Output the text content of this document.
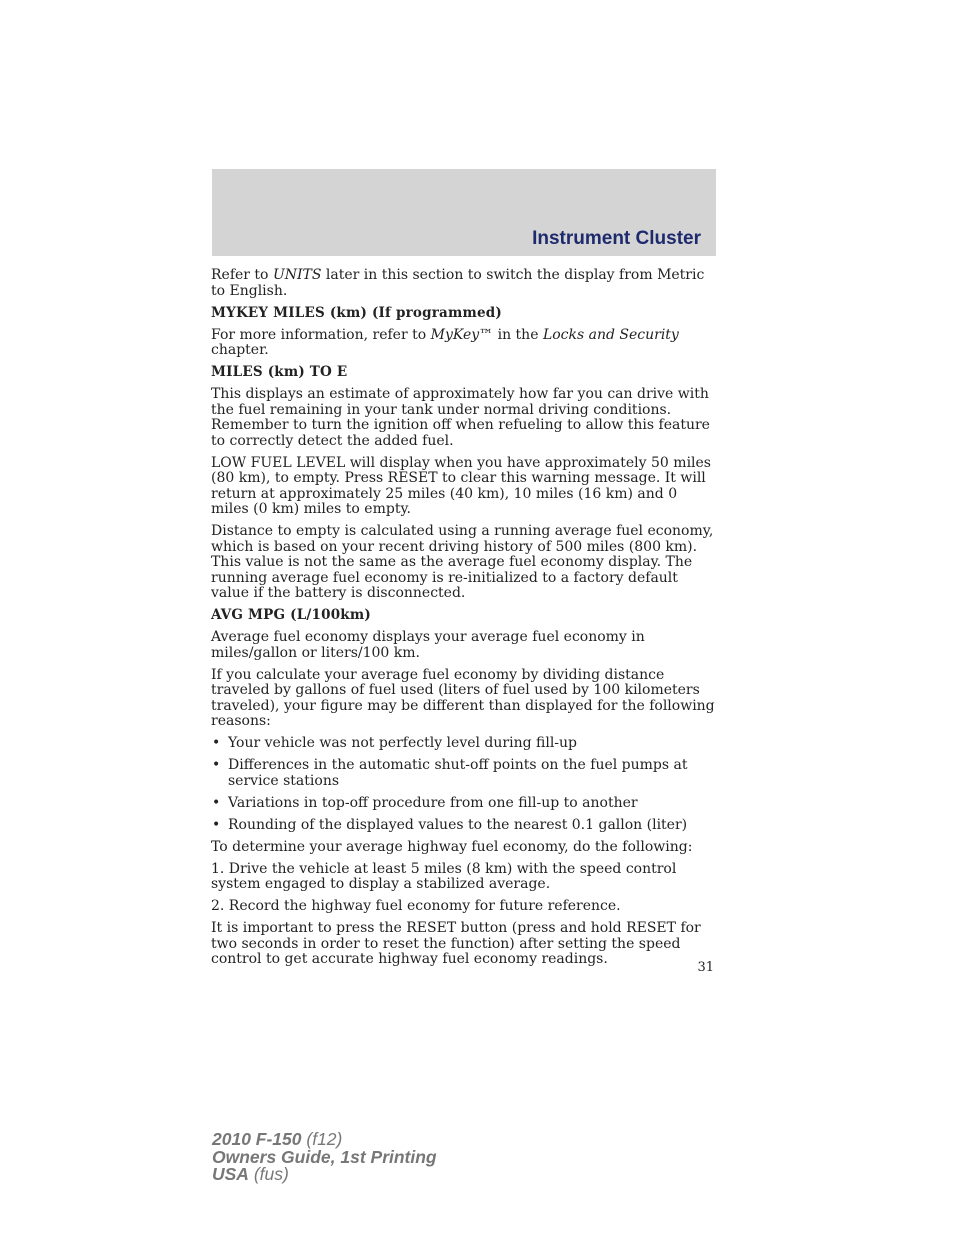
Instrument Cluster

Refer to UNITS later in this section to switch the display from Metric to English.

MYKEY MILES (km) (If programmed)

For more information, refer to MyKey™ in the Locks and Security chapter.

MILES (km) TO E

This displays an estimate of approximately how far you can drive with the fuel remaining in your tank under normal driving conditions. Remember to turn the ignition off when refueling to allow this feature to correctly detect the added fuel.

LOW FUEL LEVEL will display when you have approximately 50 miles (80 km), to empty. Press RESET to clear this warning message. It will return at approximately 25 miles (40 km), 10 miles (16 km) and 0 miles (0 km) miles to empty.

Distance to empty is calculated using a running average fuel economy, which is based on your recent driving history of 500 miles (800 km). This value is not the same as the average fuel economy display. The running average fuel economy is re-initialized to a factory default value if the battery is disconnected.

AVG MPG (L/100km)

Average fuel economy displays your average fuel economy in miles/gallon or liters/100 km.

If you calculate your average fuel economy by dividing distance traveled by gallons of fuel used (liters of fuel used by 100 kilometers traveled), your figure may be different than displayed for the following reasons:

• Your vehicle was not perfectly level during fill-up
• Differences in the automatic shut-off points on the fuel pumps at service stations
• Variations in top-off procedure from one fill-up to another
• Rounding of the displayed values to the nearest 0.1 gallon (liter)

To determine your average highway fuel economy, do the following:

1. Drive the vehicle at least 5 miles (8 km) with the speed control system engaged to display a stabilized average.

2. Record the highway fuel economy for future reference.

It is important to press the RESET button (press and hold RESET for two seconds in order to reset the function) after setting the speed control to get accurate highway fuel economy readings.

31
2010 F-150 (f12)
Owners Guide, 1st Printing
USA (fus)
